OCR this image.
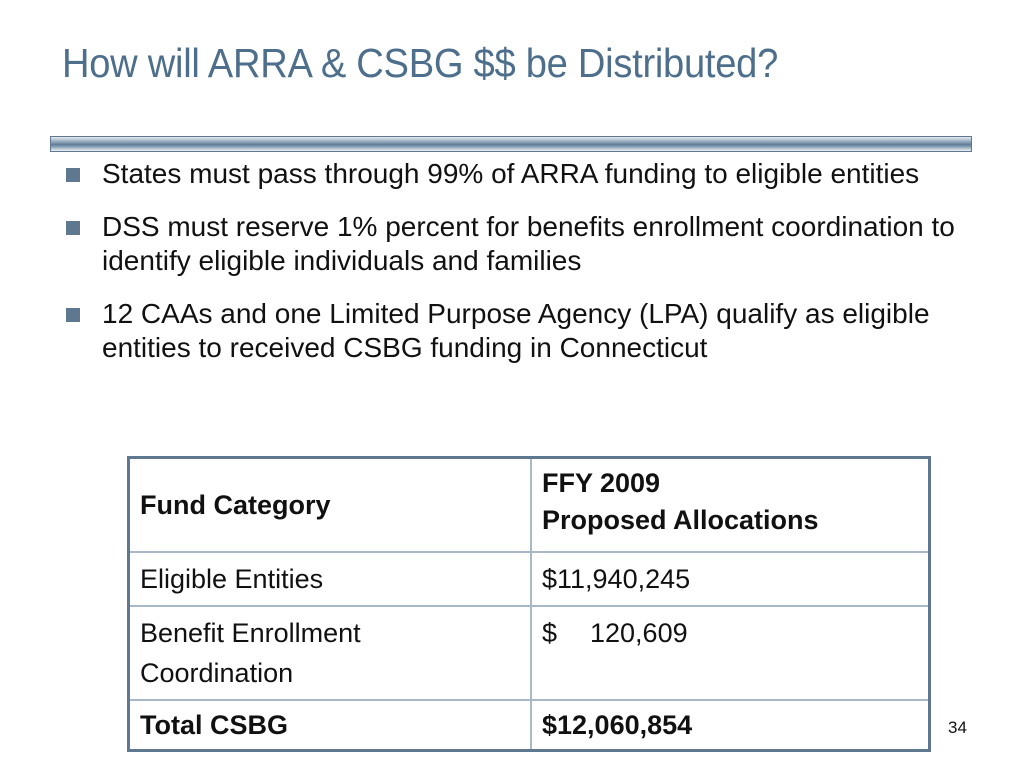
How will ARRA & CSBG $$ be Distributed?
States must pass through 99% of ARRA funding to eligible entities
DSS must reserve 1% percent for benefits enrollment coordination to identify eligible individuals and families
12 CAAs and one Limited Purpose Agency (LPA) qualify as eligible entities to received CSBG funding in Connecticut
Fund Category	FFY 2009
Proposed Allocations
Eligible Entities	$11,940,245
Benefit Enrollment
Coordination	$ 120,609
Total CSBG	$12,060,854	34
